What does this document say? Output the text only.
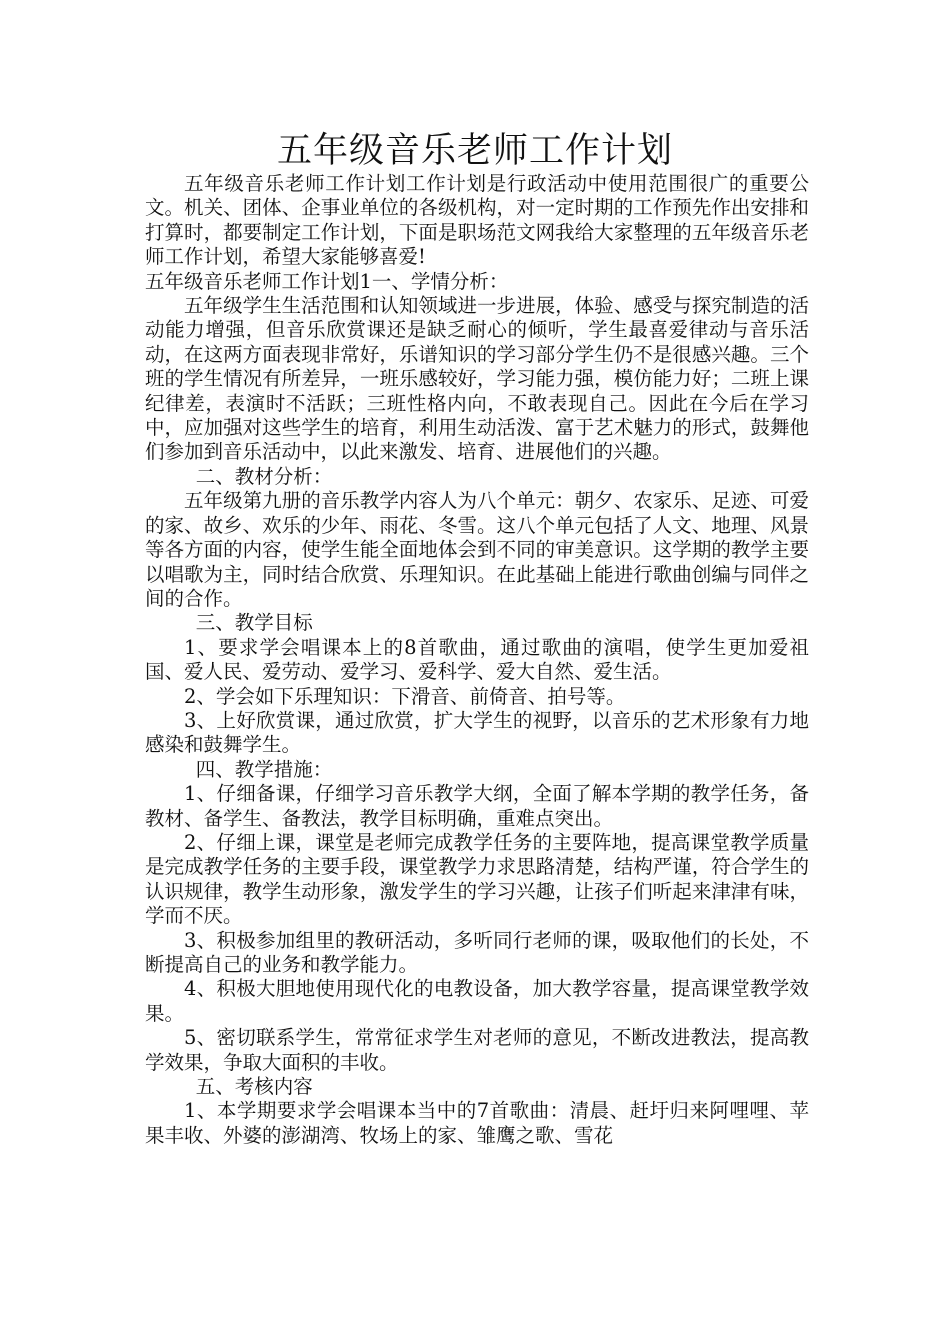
五年级音乐老师工作计划

五年级音乐老师工作计划工作计划是行政活动中使用范围很广的重要公文。机关、团体、企事业单位的各级机构，对一定时期的工作预先作出安排和打算时，都要制定工作计划，下面是职场范文网我给大家整理的五年级音乐老师工作计划，希望大家能够喜爱!

五年级音乐老师工作计划1一、学情分析：

五年级学生生活范围和认知领域进一步进展，体验、感受与探究制造的活动能力增强，但音乐欣赏课还是缺乏耐心的倾听，学生最喜爱律动与音乐活动，在这两方面表现非常好，乐谱知识的学习部分学生仍不是很感兴趣。三个班的学生情况有所差异，一班乐感较好，学习能力强，模仿能力好；二班上课纪律差，表演时不活跃；三班性格内向，不敢表现自己。因此在今后在学习中，应加强对这些学生的培育，利用生动活泼、富于艺术魅力的形式，鼓舞他们参加到音乐活动中，以此来激发、培育、进展他们的兴趣。

二、教材分析：

五年级第九册的音乐教学内容人为八个单元：朝夕、农家乐、足迹、可爱的家、故乡、欢乐的少年、雨花、冬雪。这八个单元包括了人文、地理、风景等各方面的内容，使学生能全面地体会到不同的审美意识。这学期的教学主要以唱歌为主，同时结合欣赏、乐理知识。在此基础上能进行歌曲创编与同伴之间的合作。

三、教学目标

1、要求学会唱课本上的8首歌曲，通过歌曲的演唱，使学生更加爱祖国、爱人民、爱劳动、爱学习、爱科学、爱大自然、爱生活。

2、学会如下乐理知识：下滑音、前倚音、拍号等。

3、上好欣赏课，通过欣赏，扩大学生的视野，以音乐的艺术形象有力地感染和鼓舞学生。

四、教学措施：

1、仔细备课，仔细学习音乐教学大纲，全面了解本学期的教学任务，备教材、备学生、备教法，教学目标明确，重难点突出。

2、仔细上课，课堂是老师完成教学任务的主要阵地，提高课堂教学质量是完成教学任务的主要手段，课堂教学力求思路清楚，结构严谨，符合学生的认识规律，教学生动形象，激发学生的学习兴趣，让孩子们听起来津津有味，学而不厌。

3、积极参加组里的教研活动，多听同行老师的课，吸取他们的长处，不断提高自己的业务和教学能力。

4、积极大胆地使用现代化的电教设备，加大教学容量，提高课堂教学效果。

5、密切联系学生，常常征求学生对老师的意见，不断改进教法，提高教学效果，争取大面积的丰收。

五、考核内容

1、本学期要求学会唱课本当中的7首歌曲：清晨、赶圩归来阿哩哩、苹果丰收、外婆的澎湖湾、牧场上的家、雏鹰之歌、雪花
